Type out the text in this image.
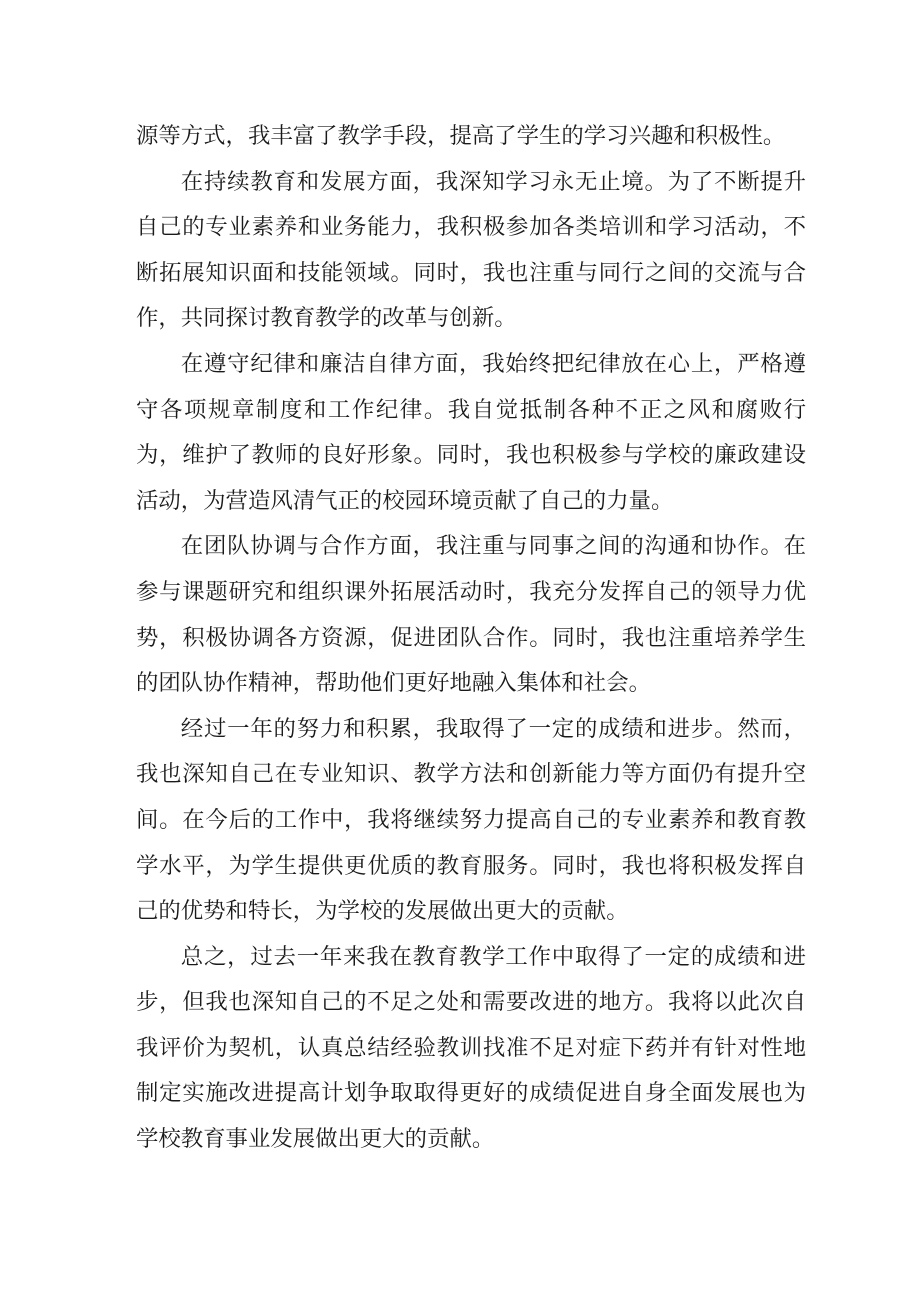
源等方式，我丰富了教学手段，提高了学生的学习兴趣和积极性。

在持续教育和发展方面，我深知学习永无止境。为了不断提升自己的专业素养和业务能力，我积极参加各类培训和学习活动，不断拓展知识面和技能领域。同时，我也注重与同行之间的交流与合作，共同探讨教育教学的改革与创新。

在遵守纪律和廉洁自律方面，我始终把纪律放在心上，严格遵守各项规章制度和工作纪律。我自觉抵制各种不正之风和腐败行为，维护了教师的良好形象。同时，我也积极参与学校的廉政建设活动，为营造风清气正的校园环境贡献了自己的力量。

在团队协调与合作方面，我注重与同事之间的沟通和协作。在参与课题研究和组织课外拓展活动时，我充分发挥自己的领导力优势，积极协调各方资源，促进团队合作。同时，我也注重培养学生的团队协作精神，帮助他们更好地融入集体和社会。

经过一年的努力和积累，我取得了一定的成绩和进步。然而，我也深知自己在专业知识、教学方法和创新能力等方面仍有提升空间。在今后的工作中，我将继续努力提高自己的专业素养和教育教学水平，为学生提供更优质的教育服务。同时，我也将积极发挥自己的优势和特长，为学校的发展做出更大的贡献。

总之，过去一年来我在教育教学工作中取得了一定的成绩和进步，但我也深知自己的不足之处和需要改进的地方。我将以此次自我评价为契机，认真总结经验教训找准不足对症下药并有针对性地制定实施改进提高计划争取取得更好的成绩促进自身全面发展也为学校教育事业发展做出更大的贡献。
